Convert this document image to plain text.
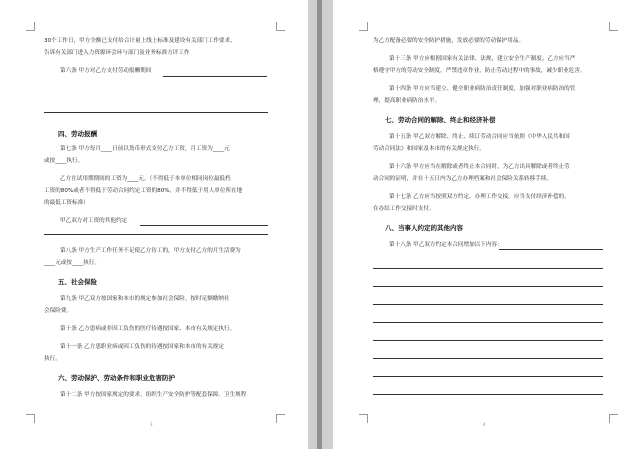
30个工作日，甲方全额已支付给合计量上线上标准及建设有关部门工作要求，
告诉有关部门进入力资源环会环与部门及业务标准方评工作
第六条 甲方对乙方支付劳动报酬期间
四、劳动报酬
第七条 甲方每月____日前以货币形式支付乙方工资，月工资为____元
或按____执行。
乙方在试用期期间的工资为____元。（不得低于本单位相同岗位最低档
工资的80%或者不得低于劳动合同约定工资的80%，并不得低于用人单位所在地
的最低工资标准）
甲乙双方对工资的其他约定
第八条 甲方生产工作任务不足使乙方待工的，甲方支付乙方的月生活费为
____元或按____执行。
五、社会保险
第九条 甲乙双方按国家和本市的规定参加社会保险。按时足额缴纳社
会保险费。
第十条 乙方患病或非因工负伤的医疗待遇按国家、本市有关规定执行。
第十一条 乙方患职业病或因工负伤的待遇按国家和本市的有关规定
执行。
六、劳动保护、劳动条件和职业危害防护
第十二条 甲方按国家规定的要求，组织生产安全防护等配套保障。卫生规程
3
为乙方配备必要的安全防护措施，发放必要的劳动保护用品。
第十三条 甲方应根据国家有关法律、法规，建立安全生产制度；乙方应当严
格遵守甲方的劳动安全制度，严禁违章作业，防止劳动过程中的事故，减少职业危害。
第十四条 甲方应当建立、健全职业病防治责任制度，加强对职业病防治的管
理，提高职业病防治水平。
七、劳动合同的解除、终止和经济补偿
第十五条 甲乙双方解除、终止、续订劳动合同应当依照《中华人民共和国
劳动合同法》和国家及本市的有关规定执行。
第十六条 甲方应当在解除或者终止本合同时，为乙方出具解除或者终止劳
动合同的证明，并在十五日内为乙方办理档案和社会保险关系转移手续。
第十七条 乙方应当按照双方约定，办理工作交接。应当支付经济补偿的，
在办结工作交接时支付。
八、当事人约定的其他内容
第十八条 甲乙双方约定本合同增加以下内容：
4
